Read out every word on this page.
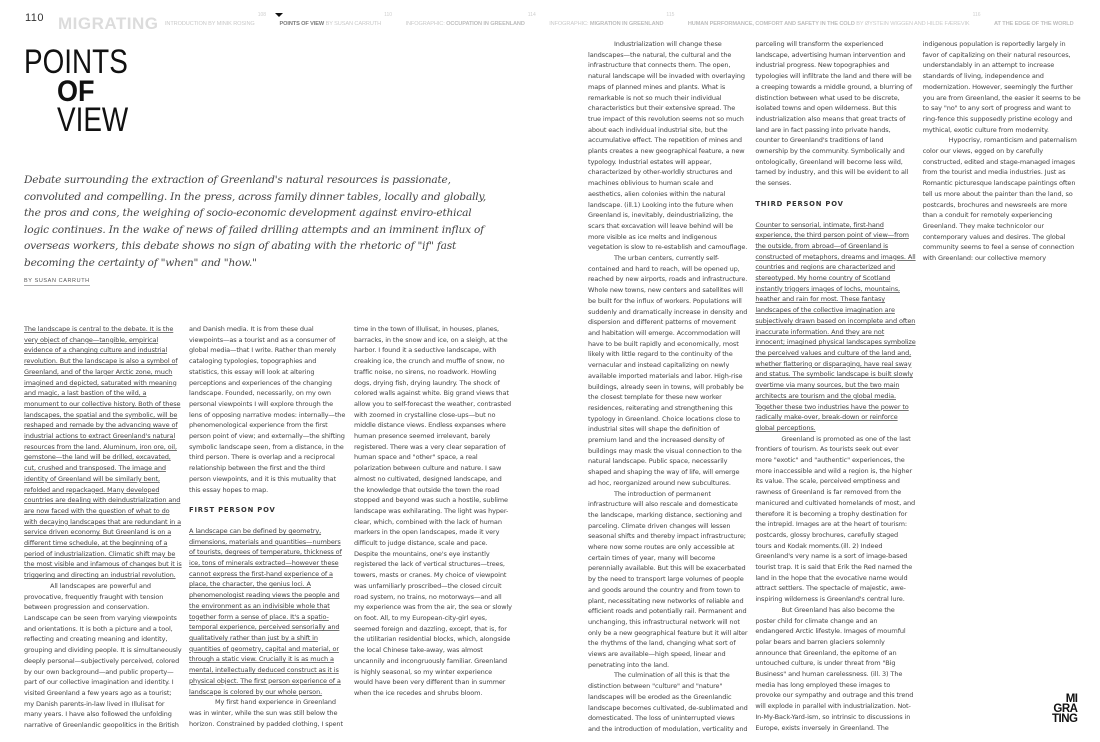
110 MIGRATING INTRODUCTION BY MINIK ROSING$^{108}$ POINTS OF VIEW BY SUSAN CARRUTH$^{110}$ INFOGRAPHIC: OCCUPATION IN GREENLAND$^{114}$ INFOGRAPHIC: MIGRATION IN GREENLAND$^{115}$ HUMAN PERFORMANCE, COMFORT AND SAFETY IN THE COLD BY ØYSTEIN WIGGEN AND HILDE FÆREVIK$^{116}$ AT THE EDGE OF THE WORLD
POINTS
OF
VIEW
Debate surrounding the extraction of Greenland's natural resources is passionate, convoluted and compelling. In the press, across family dinner tables, locally and globally, the pros and cons, the weighing of socio-economic development against enviro-ethical logic continues. In the wake of news of failed drilling attempts and an imminent influx of overseas workers, this debate shows no sign of abating with the rhetoric of "if" fast becoming the certainty of "when" and "how."
BY SUSAN CARRUTH

The landscape is central to the debate. It is the very object of change—tangible, empirical evidence of a changing culture and industrial revolution. But the landscape is also a symbol of Greenland, and of the larger Arctic zone, much imagined and depicted, saturated with meaning and magic, a last bastion of the wild, a monument to our collective history. Both of these landscapes, the spatial and the symbolic, will be reshaped and remade by the advancing wave of industrial actions to extract Greenland's natural resources from the land. Aluminum, iron ore, oil, gemstone—the land will be drilled, excavated, cut, crushed and transposed. The image and identity of Greenland will be similarly bent, refolded and repackaged. Many developed countries are dealing with deindustrialization and are now faced with the question of what to do with decaying landscapes that are redundant in a service driven economy. But Greenland is on a different time schedule, at the beginning of a period of industrialization. Climatic shift may be the most visible and infamous of changes but it is triggering and directing an industrial revolution.

All landscapes are powerful and provocative, frequently fraught with tension between progression and conservation. Landscape can be seen from varying viewpoints and orientations. It is both a picture and a tool, reflecting and creating meaning and identity, grouping and dividing people. It is simultaneously deeply personal—subjectively perceived, colored by our own background—and public property—part of our collective imagination and identity. I visited Greenland a few years ago as a tourist; my Danish parents-in-law lived in Illulisat for many years. I have also followed the unfolding narrative of Greenlandic geopolitics in the British and Danish media. It is from these dual viewpoints—as a tourist and as a consumer of global media—that I write. Rather than merely cataloging typologies, topographies and statistics, this essay will look at altering perceptions and experiences of the changing landscape. Founded, necessarily, on my own personal viewpoints I will explore through the lens of opposing narrative modes: internally—the phenomenological experience from the first person point of view; and externally—the shifting symbolic landscape seen, from a distance, in the third person. There is overlap and a reciprocal relationship between the first and the third person viewpoints, and it is this mutuality that this essay hopes to map.

FIRST PERSON POV

A landscape can be defined by geometry, dimensions, materials and quantities—numbers of tourists, degrees of temperature, thickness of ice, tons of minerals extracted—however these cannot express the first-hand experience of a place, the character, the genius loci. A phenomenologist reading views the people and the environment as an indivisible whole that together form a sense of place. It's a spatio-temporal experience, perceived sensorially and qualitatively rather than just by a shift in quantities of geometry, capital and material, or through a static view. Crucially it is as much a mental, intellectually deduced construct as it is physical object. The first person experience of a landscape is colored by our whole person.

My first hand experience in Greenland was in winter, while the sun was still below the horizon. Constrained by padded clothing, I spent time in the town of Illulisat, in houses, planes, barracks, in the snow and ice, on a sleigh, at the harbor. I found it a seductive landscape, with creaking ice, the crunch and muffle of snow, no traffic noise, no sirens, no roadwork. Howling dogs, drying fish, drying laundry. The shock of colored walls against white. Big grand views that allow you to self-forecast the weather, contrasted with zoomed in crystalline close-ups—but no middle distance views. Endless expanses where human presence seemed irrelevant, barely registered. There was a very clear separation of human space and "other" space, a real polarization between culture and nature. I saw almost no cultivated, designed landscape, and the knowledge that outside the town the road stopped and beyond was such a hostile, sublime landscape was exhilarating. The light was hyper-clear, which, combined with the lack of human markers in the open landscapes, made it very difficult to judge distance, scale and pace. Despite the mountains, one's eye instantly registered the lack of vertical structures—trees, towers, masts or cranes. My choice of viewpoint was unfamiliarly proscribed—the closed circuit road system, no trains, no motorways—and all my experience was from the air, the sea or slowly on foot. All, to my European-city-girl eyes, seemed foreign and dazzling, except, that is, for the utilitarian residential blocks, which, alongside the local Chinese take-away, was almost uncannily and incongruously familiar. Greenland is highly seasonal, so my winter experience would have been very different than in summer when the ice recedes and shrubs bloom.

Industrialization will change these landscapes—the natural, the cultural and the infrastructure that connects them. The open, natural landscape will be invaded with overlaying maps of planned mines and plants. What is remarkable is not so much their individual characteristics but their extensive spread. The true impact of this revolution seems not so much about each individual industrial site, but the accumulative effect. The repetition of mines and plants creates a new geographical feature, a new typology. Industrial estates will appear, characterized by other-worldly structures and machines oblivious to human scale and aesthetics, alien colonies within the natural landscape. (ill.1) Looking into the future when Greenland is, inevitably, deindustrializing, the scars that excavation will leave behind will be more visible as ice melts and indigenous vegetation is slow to re-establish and camouflage.

The urban centers, currently self-contained and hard to reach, will be opened up, reached by new airports, roads and infrastructure. Whole new towns, new centers and satellites will be built for the influx of workers. Populations will suddenly and dramatically increase in density and dispersion and different patterns of movement and habitation will emerge. Accommodation will have to be built rapidly and economically, most likely with little regard to the continuity of the vernacular and instead capitalizing on newly available imported materials and labor. High-rise buildings, already seen in towns, will probably be the closest template for these new worker residences, reiterating and strengthening this typology in Greenland. Choice locations close to industrial sites will shape the definition of premium land and the increased density of buildings may mask the visual connection to the natural landscape. Public space, necessarily shaped and shaping the way of life, will emerge ad hoc, reorganized around new subcultures.

The introduction of permanent infrastructure will also rescale and domesticate the landscape, marking distance, sectioning and parceling. Climate driven changes will lessen seasonal shifts and thereby impact infrastructure; where now some routes are only accessible at certain times of year, many will become perennially available. But this will be exacerbated by the need to transport large volumes of people and goods around the country and from town to plant, necessitating new networks of reliable and efficient roads and potentially rail. Permanent and unchanging, this infrastructural network will not only be a new geographical feature but it will alter the rhythms of the land, changing what sort of views are available—high speed, linear and penetrating into the land.

The culmination of all this is that the distinction between "culture" and "nature" landscapes will be eroded as the Greenlandic landscape becomes cultivated, de-sublimated and domesticated. The loss of uninterrupted views and the introduction of modulation, verticality and parceling will transform the experienced landscape, advertising human intervention and industrial progress. New topographies and typologies will infiltrate the land and there will be a creeping towards a middle ground, a blurring of distinction between what used to be discrete, isolated towns and open wilderness. But this industrialization also means that great tracts of land are in fact passing into private hands, counter to Greenland's traditions of land ownership by the community. Symbolically and ontologically, Greenland will become less wild, tamed by industry, and this will be evident to all the senses.

THIRD PERSON POV

Counter to sensorial, intimate, first-hand experience, the third person point of view—from the outside, from abroad—of Greenland is constructed of metaphors, dreams and images. All countries and regions are characterized and stereotyped. My home country of Scotland instantly triggers images of lochs, mountains, heather and rain for most. These fantasy landscapes of the collective imagination are subjectively drawn based on incomplete and often inaccurate information. And they are not innocent; imagined physical landscapes symbolize the perceived values and culture of the land and, whether flattering or disparaging, have real sway and status. The symbolic landscape is built slowly overtime via many sources, but the two main architects are tourism and the global media. Together these two industries have the power to radically make-over, break-down or reinforce global perceptions.

Greenland is promoted as one of the last frontiers of tourism. As tourists seek out ever more "exotic" and "authentic" experiences, the more inaccessible and wild a region is, the higher its value. The scale, perceived emptiness and rawness of Greenland is far removed from the manicured and cultivated homelands of most, and therefore it is becoming a trophy destination for the intrepid. Images are at the heart of tourism: postcards, glossy brochures, carefully staged tours and Kodak moments.(ill. 2) Indeed Greenland's very name is a sort of image-based tourist trap. It is said that Erik the Red named the land in the hope that the evocative name would attract settlers. The spectacle of majestic, awe-inspiring wilderness is Greenland's central lure.

But Greenland has also become the poster child for climate change and an endangered Arctic lifestyle. Images of mournful polar bears and barren glaciers solemnly announce that Greenland, the epitome of an untouched culture, is under threat from "Big Business" and human carelessness. (ill. 3) The media has long employed these images to provoke our sympathy and outrage and this trend will explode in parallel with industrialization. Not-In-My-Back-Yard-ism, so intrinsic to discussions in Europe, exists inversely in Greenland. The indigenous population is reportedly largely in favor of capitalizing on their natural resources, understandably in an attempt to increase standards of living, independence and modernization. However, seemingly the further you are from Greenland, the easier it seems to be to say "no" to any sort of progress and want to ring-fence this supposedly pristine ecology and mythical, exotic culture from modernity.

Hypocrisy, romanticism and paternalism color our views, egged on by carefully constructed, edited and stage-managed images from the tourist and media industries. Just as Romantic picturesque landscape paintings often tell us more about the painter than the land, so postcards, brochures and newsreels are more than a conduit for remotely experiencing Greenland. They make technicolor our contemporary values and desires. The global community seems to feel a sense of connection with Greenland: our collective memory

MI
GRA
TING
